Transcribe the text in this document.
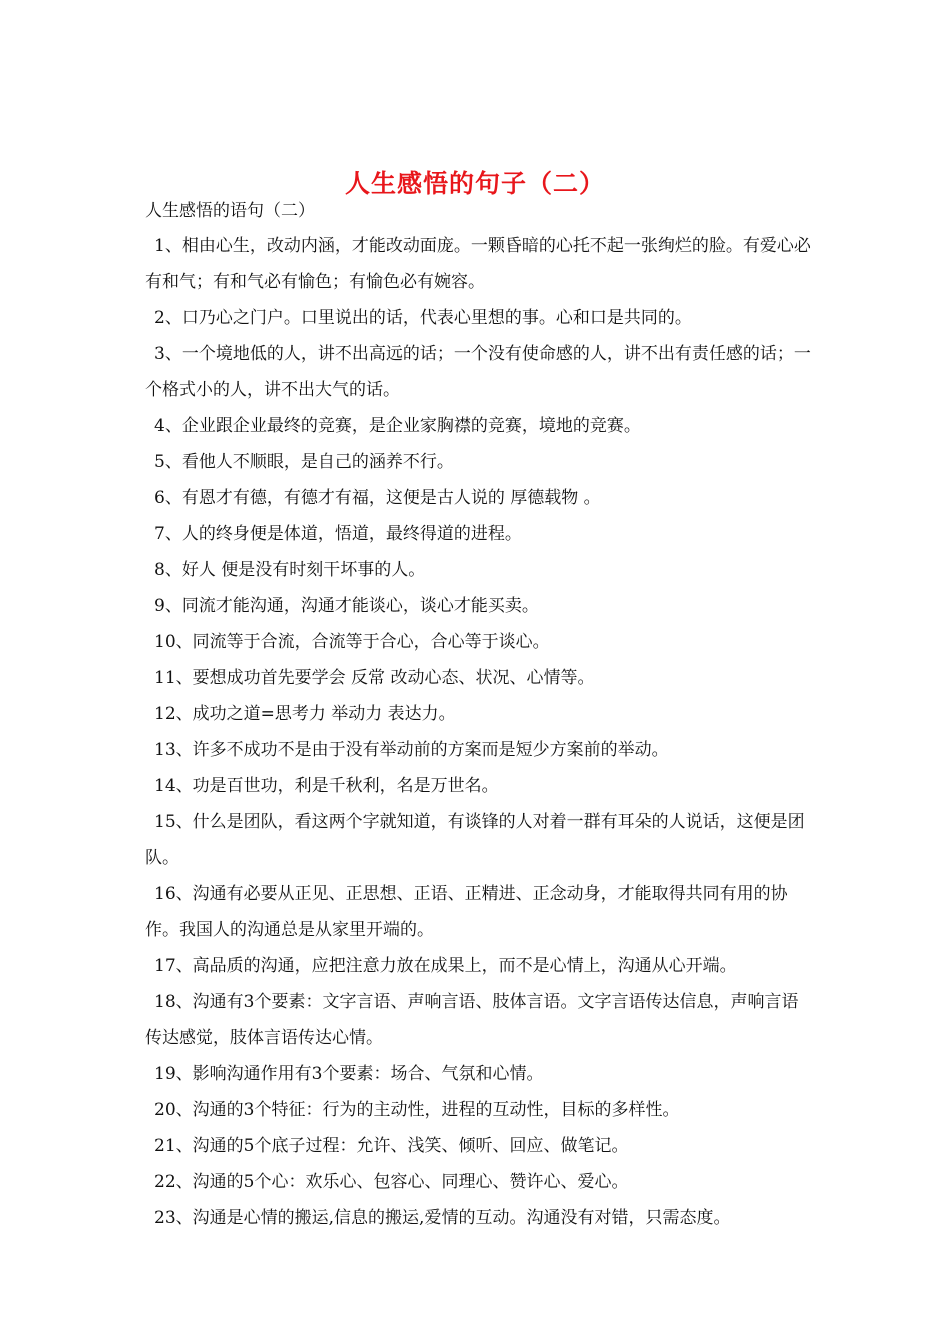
人生感悟的句子（二）
人生感悟的语句（二）

1、相由心生，改动内涵，才能改动面庞。一颗昏暗的心托不起一张绚烂的脸。有爱心必有和气；有和气必有愉色；有愉色必有婉容。

2、口乃心之门户。口里说出的话，代表心里想的事。心和口是共同的。

3、一个境地低的人，讲不出高远的话；一个没有使命感的人，讲不出有责任感的话；一个格式小的人，讲不出大气的话。

4、企业跟企业最终的竞赛，是企业家胸襟的竞赛，境地的竞赛。

5、看他人不顺眼，是自己的涵养不行。

6、有恩才有德，有德才有福，这便是古人说的 厚德载物 。

7、人的终身便是体道，悟道，最终得道的进程。

8、好人 便是没有时刻干坏事的人。

9、同流才能沟通，沟通才能谈心，谈心才能买卖。

10、同流等于合流，合流等于合心，合心等于谈心。

11、要想成功首先要学会 反常 改动心态、状况、心情等。

12、成功之道=思考力 举动力 表达力。

13、许多不成功不是由于没有举动前的方案而是短少方案前的举动。

14、功是百世功，利是千秋利，名是万世名。

15、什么是团队，看这两个字就知道，有谈锋的人对着一群有耳朵的人说话，这便是团队。

16、沟通有必要从正见、正思想、正语、正精进、正念动身，才能取得共同有用的协作。我国人的沟通总是从家里开端的。

17、高品质的沟通，应把注意力放在成果上，而不是心情上，沟通从心开端。

18、沟通有3个要素：文字言语、声响言语、肢体言语。文字言语传达信息，声响言语传达感觉，肢体言语传达心情。

19、影响沟通作用有3个要素：场合、气氛和心情。

20、沟通的3个特征：行为的主动性，进程的互动性，目标的多样性。

21、沟通的5个底子过程：允许、浅笑、倾听、回应、做笔记。

22、沟通的5个心：欢乐心、包容心、同理心、赞许心、爱心。

23、沟通是心情的搬运,信息的搬运,爱情的互动。沟通没有对错，只需态度。
